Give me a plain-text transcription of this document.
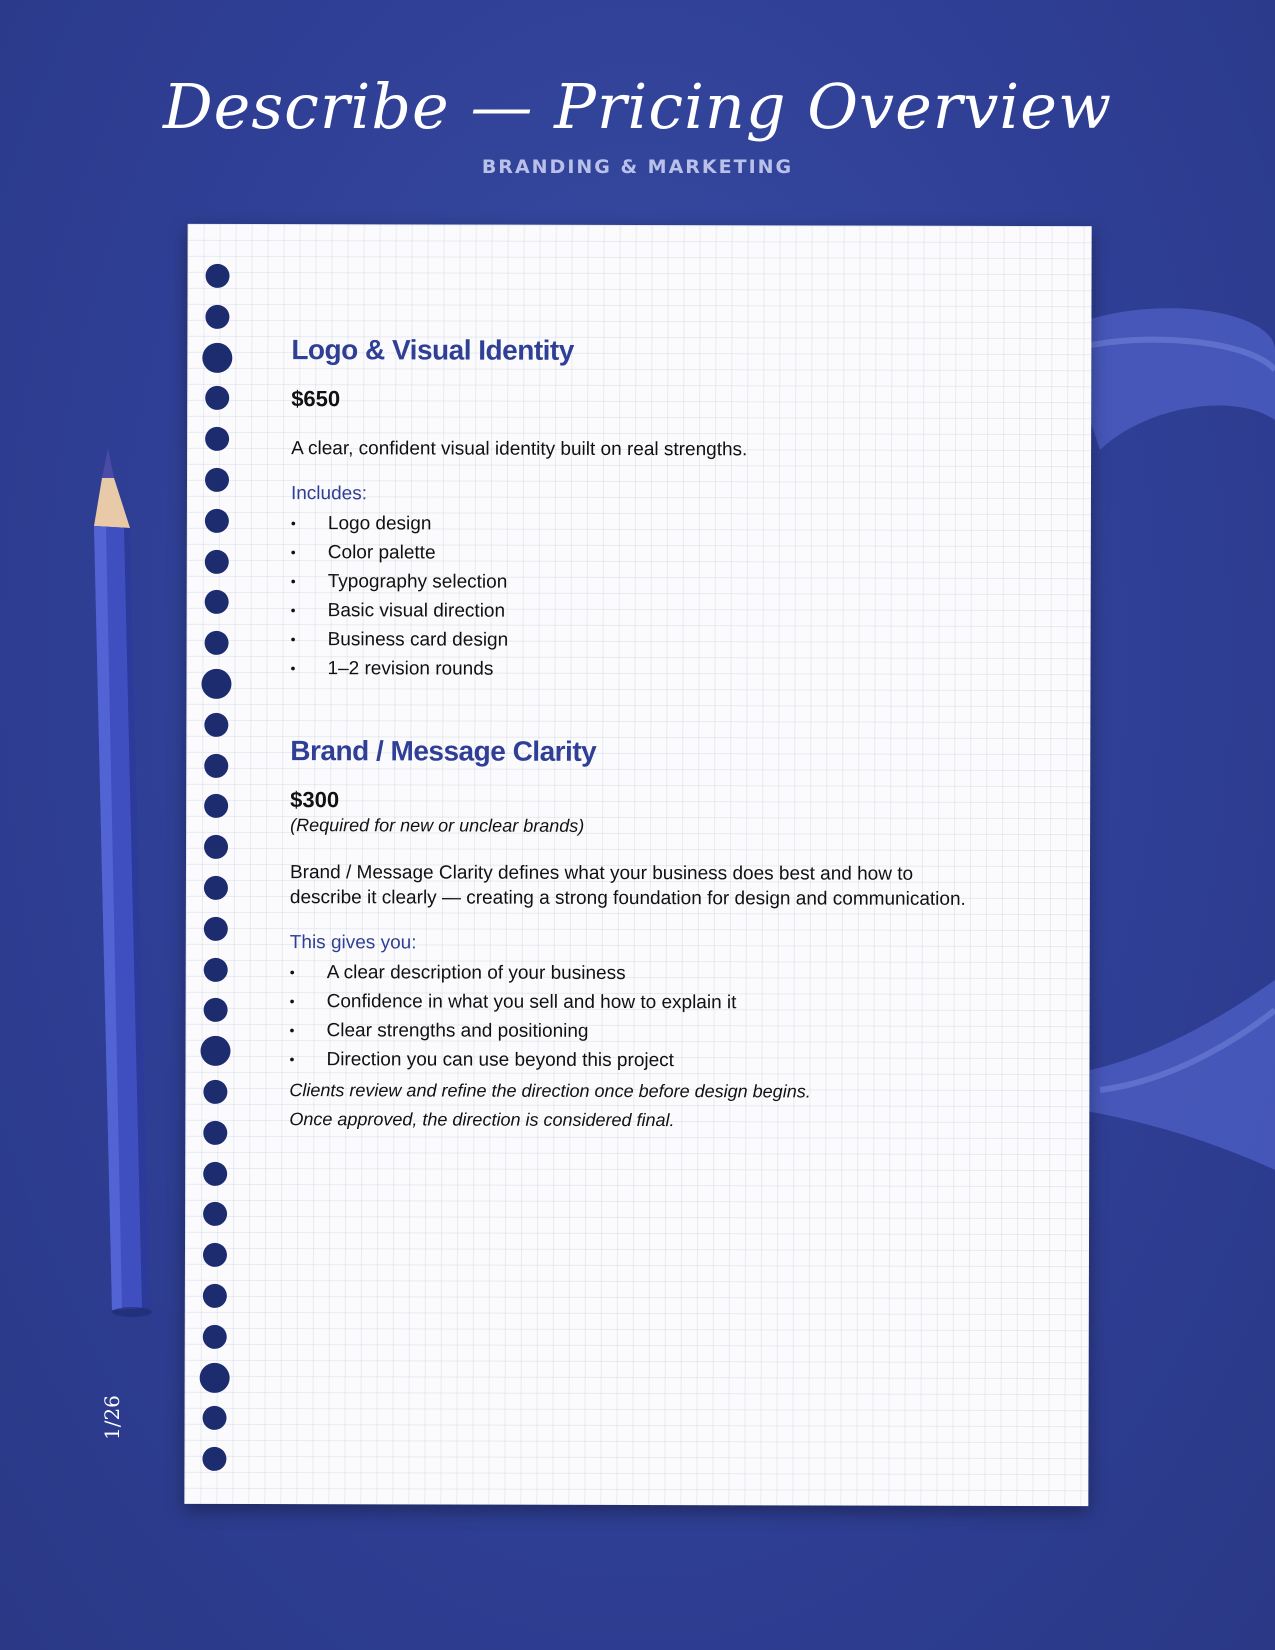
Describe — Pricing Overview
BRANDING & MARKETING
1/26
Logo & Visual Identity

$650

A clear, confident visual identity built on real strengths.

Includes:

• Logo design
• Color palette
• Typography selection
• Basic visual direction
• Business card design
• 1–2 revision rounds
Brand / Message Clarity

$300

(Required for new or unclear brands)

Brand / Message Clarity defines what your business does best and how to
describe it clearly — creating a strong foundation for design and communication.

This gives you:

• A clear description of your business
• Confidence in what you sell and how to explain it
• Clear strengths and positioning
• Direction you can use beyond this project

Clients review and refine the direction once before design begins.
Once approved, the direction is considered final.
